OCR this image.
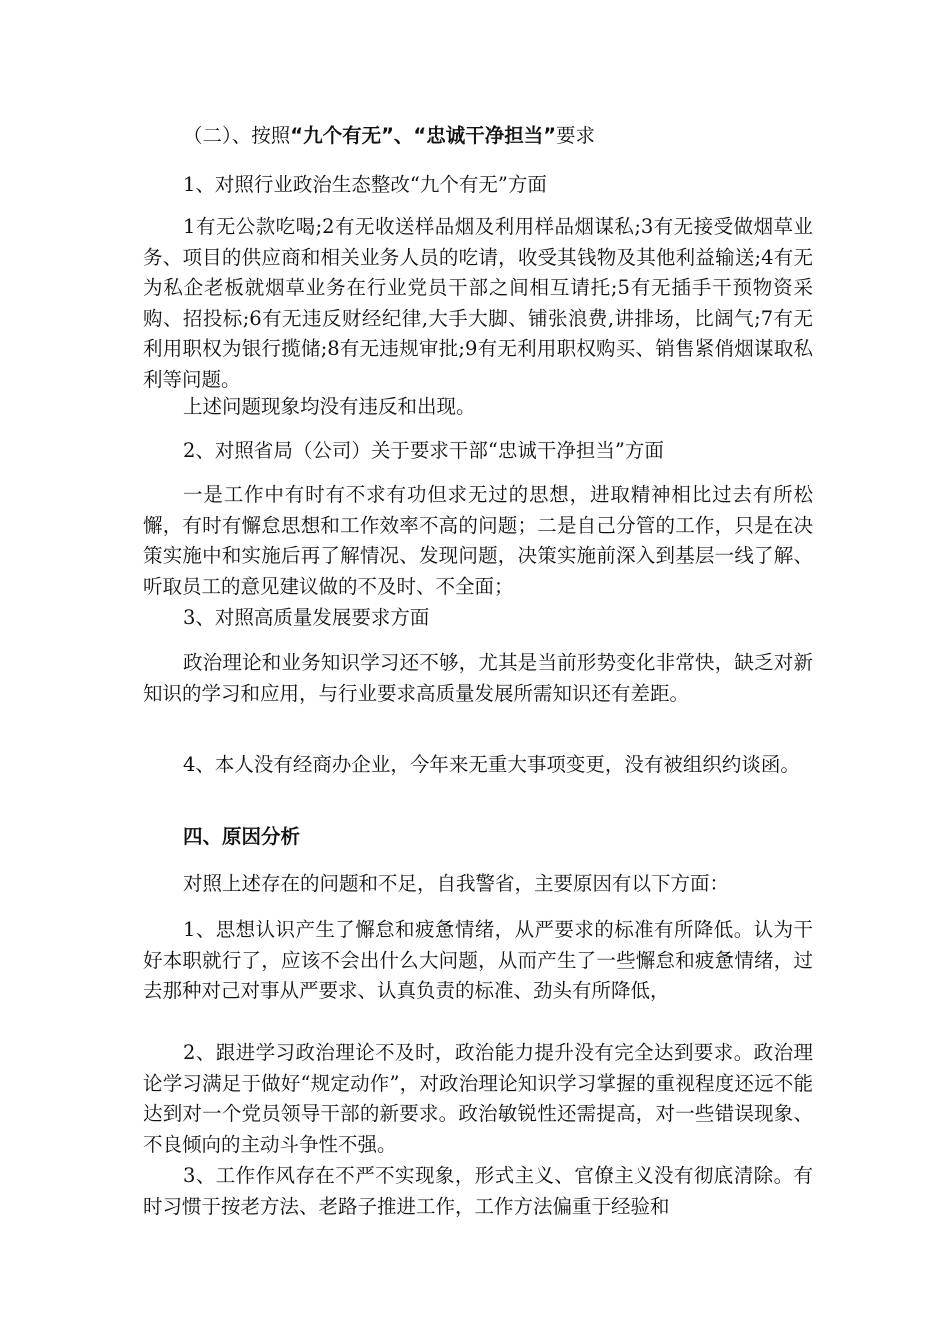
（二）、按照“九个有无”、“忠诚干净担当”要求

1、对照行业政治生态整改“九个有无”方面

1有无公款吃喝;2有无收送样品烟及利用样品烟谋私;3有无接受做烟草业务、项目的供应商和相关业务人员的吃请，收受其钱物及其他利益输送;4有无为私企老板就烟草业务在行业党员干部之间相互请托;5有无插手干预物资采购、招投标;6有无违反财经纪律,大手大脚、铺张浪费,讲排场，比阔气;7有无利用职权为银行揽储;8有无违规审批;9有无利用职权购买、销售紧俏烟谋取私利等问题。

上述问题现象均没有违反和出现。

2、对照省局（公司）关于要求干部“忠诚干净担当”方面

一是工作中有时有不求有功但求无过的思想，进取精神相比过去有所松懈，有时有懈怠思想和工作效率不高的问题；二是自己分管的工作，只是在决策实施中和实施后再了解情况、发现问题，决策实施前深入到基层一线了解、听取员工的意见建议做的不及时、不全面；

3、对照高质量发展要求方面

政治理论和业务知识学习还不够，尤其是当前形势变化非常快，缺乏对新知识的学习和应用，与行业要求高质量发展所需知识还有差距。

4、本人没有经商办企业，今年来无重大事项变更，没有被组织约谈函。

四、原因分析

对照上述存在的问题和不足，自我警省，主要原因有以下方面：

1、思想认识产生了懈怠和疲惫情绪，从严要求的标准有所降低。认为干好本职就行了，应该不会出什么大问题，从而产生了一些懈怠和疲惫情绪，过去那种对己对事从严要求、认真负责的标准、劲头有所降低，

2、跟进学习政治理论不及时，政治能力提升没有完全达到要求。政治理论学习满足于做好“规定动作”，对政治理论知识学习掌握的重视程度还远不能达到对一个党员领导干部的新要求。政治敏锐性还需提高，对一些错误现象、不良倾向的主动斗争性不强。

3、工作作风存在不严不实现象，形式主义、官僚主义没有彻底清除。有时习惯于按老方法、老路子推进工作，工作方法偏重于经验和
